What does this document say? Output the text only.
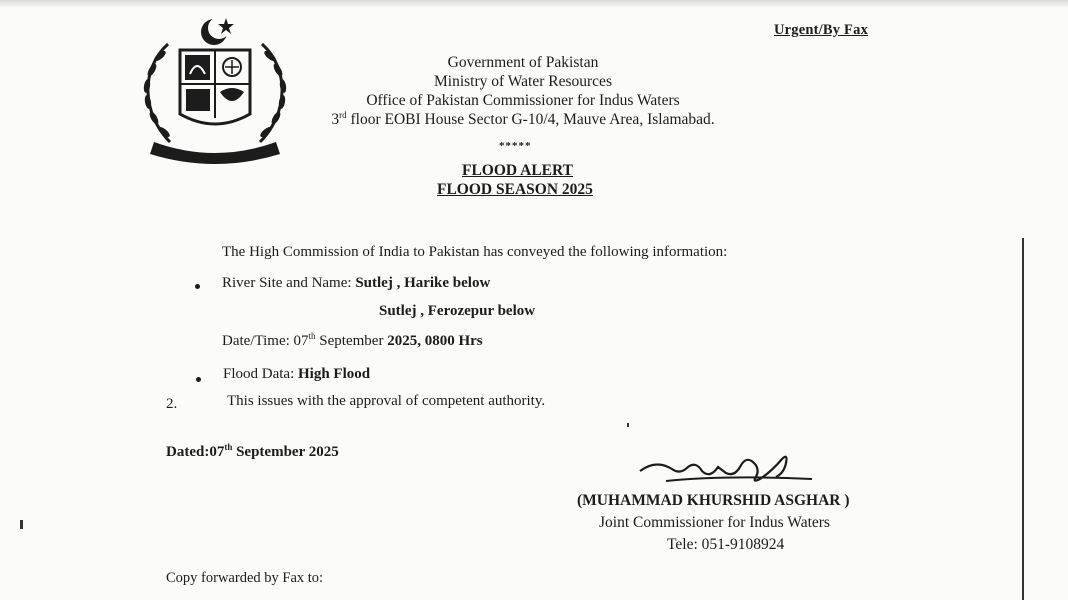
Urgent/By Fax
Government of Pakistan
Ministry of Water Resources
Office of Pakistan Commissioner for Indus Waters
3rd floor EOBI House Sector G-10/4, Mauve Area, Islamabad.
*****
FLOOD ALERT
FLOOD SEASON 2025
The High Commission of India to Pakistan has conveyed the following information:
River Site and Name: Sutlej , Harike below
Sutlej , Ferozepur below
Date/Time: 07th September 2025, 0800 Hrs
Flood Data: High Flood
2.	This issues with the approval of competent authority.
Dated:07th September 2025
(MUHAMMAD KHURSHID ASGHAR )
Joint Commissioner for Indus Waters
Tele: 051-9108924
Copy forwarded by Fax to:
